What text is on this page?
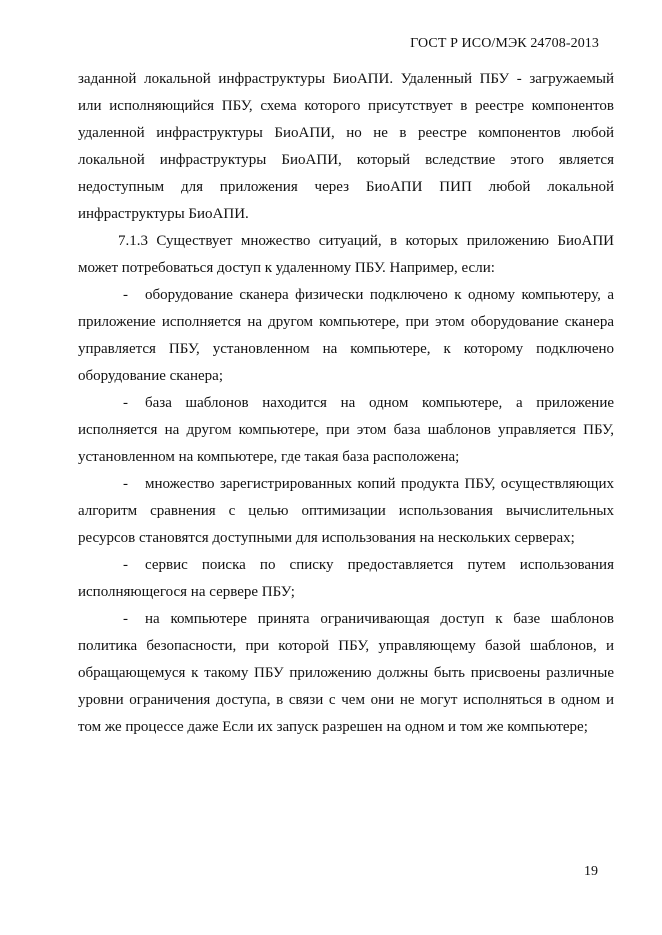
ГОСТ Р ИСО/МЭК 24708-2013

заданной локальной инфраструктуры БиоАПИ. Удаленный ПБУ - загружаемый или исполняющийся ПБУ, схема которого присутствует в реестре компонентов удаленной инфраструктуры БиоАПИ, но не в реестре компонентов любой локальной инфраструктуры БиоАПИ, который вследствие этого является недоступным для приложения через БиоАПИ ПИП любой локальной инфраструктуры БиоАПИ.

7.1.3 Существует множество ситуаций, в которых приложению БиоАПИ может потребоваться доступ к удаленному ПБУ. Например, если:

- оборудование сканера физически подключено к одному компьютеру, а приложение исполняется на другом компьютере, при этом оборудование сканера управляется ПБУ, установленном на компьютере, к которому подключено оборудование сканера;

- база шаблонов находится на одном компьютере, а приложение исполняется на другом компьютере, при этом база шаблонов управляется ПБУ, установленном на компьютере, где такая база расположена;

- множество зарегистрированных копий продукта ПБУ, осуществляющих алгоритм сравнения с целью оптимизации использования вычислительных ресурсов становятся доступными для использования на нескольких серверах;

- сервис поиска по списку предоставляется путем использования исполняющегося на сервере ПБУ;

- на компьютере принята ограничивающая доступ к базе шаблонов политика безопасности, при которой ПБУ, управляющему базой шаблонов, и обращающемуся к такому ПБУ приложению должны быть присвоены различные уровни ограничения доступа, в связи с чем они не могут исполняться в одном и том же процессе даже Если их запуск разрешен на одном и том же компьютере;

19
